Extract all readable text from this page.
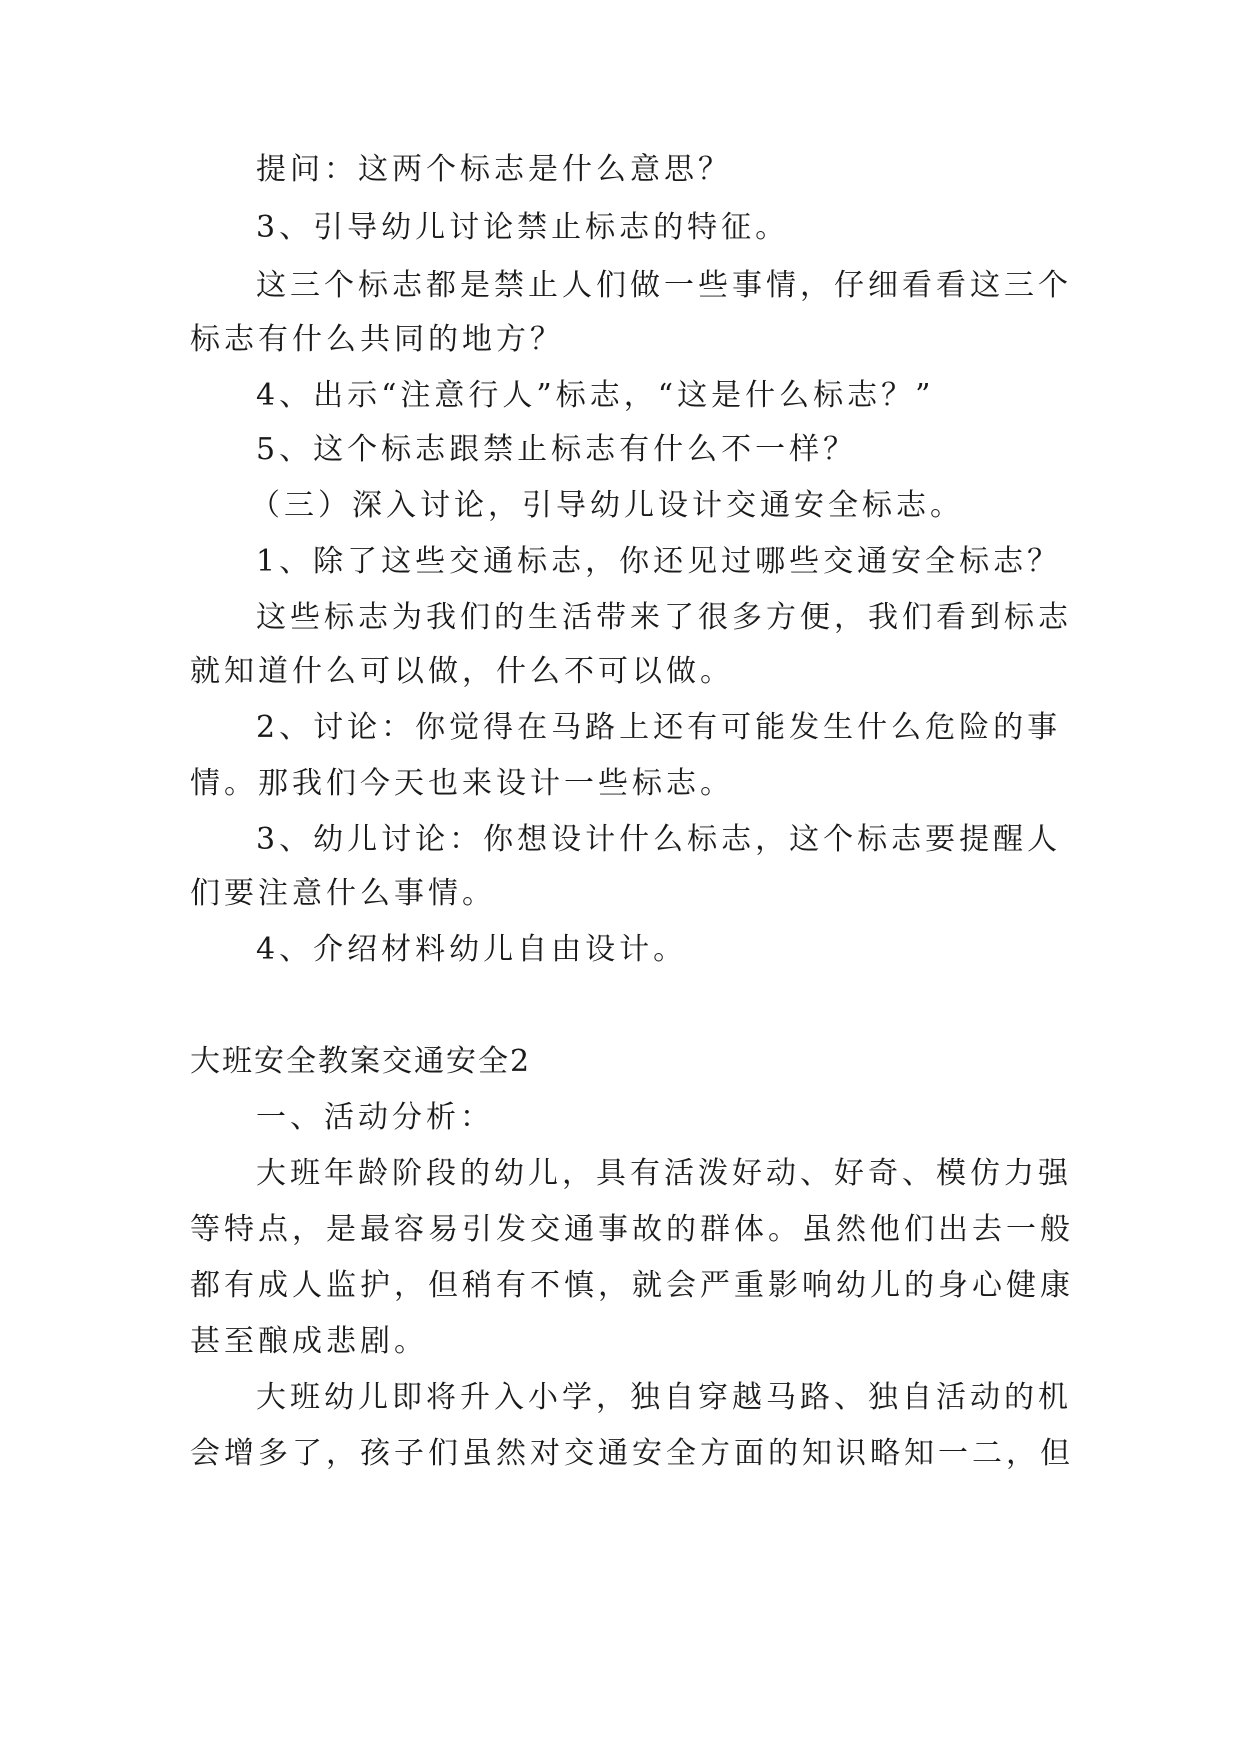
提问：这两个标志是什么意思？
3、引导幼儿讨论禁止标志的特征。
这三个标志都是禁止人们做一些事情，仔细看看这三个
标志有什么共同的地方？
4、出示“注意行人”标志，“这是什么标志？”
5、这个标志跟禁止标志有什么不一样？
（三）深入讨论，引导幼儿设计交通安全标志。
1、除了这些交通标志，你还见过哪些交通安全标志？
这些标志为我们的生活带来了很多方便，我们看到标志
就知道什么可以做，什么不可以做。
2、讨论：你觉得在马路上还有可能发生什么危险的事
情。那我们今天也来设计一些标志。
3、幼儿讨论：你想设计什么标志，这个标志要提醒人
们要注意什么事情。
4、介绍材料幼儿自由设计。
大班安全教案交通安全2
一、活动分析：
大班年龄阶段的幼儿，具有活泼好动、好奇、模仿力强
等特点，是最容易引发交通事故的群体。虽然他们出去一般
都有成人监护，但稍有不慎，就会严重影响幼儿的身心健康
甚至酿成悲剧。
大班幼儿即将升入小学，独自穿越马路、独自活动的机
会增多了，孩子们虽然对交通安全方面的知识略知一二，但
